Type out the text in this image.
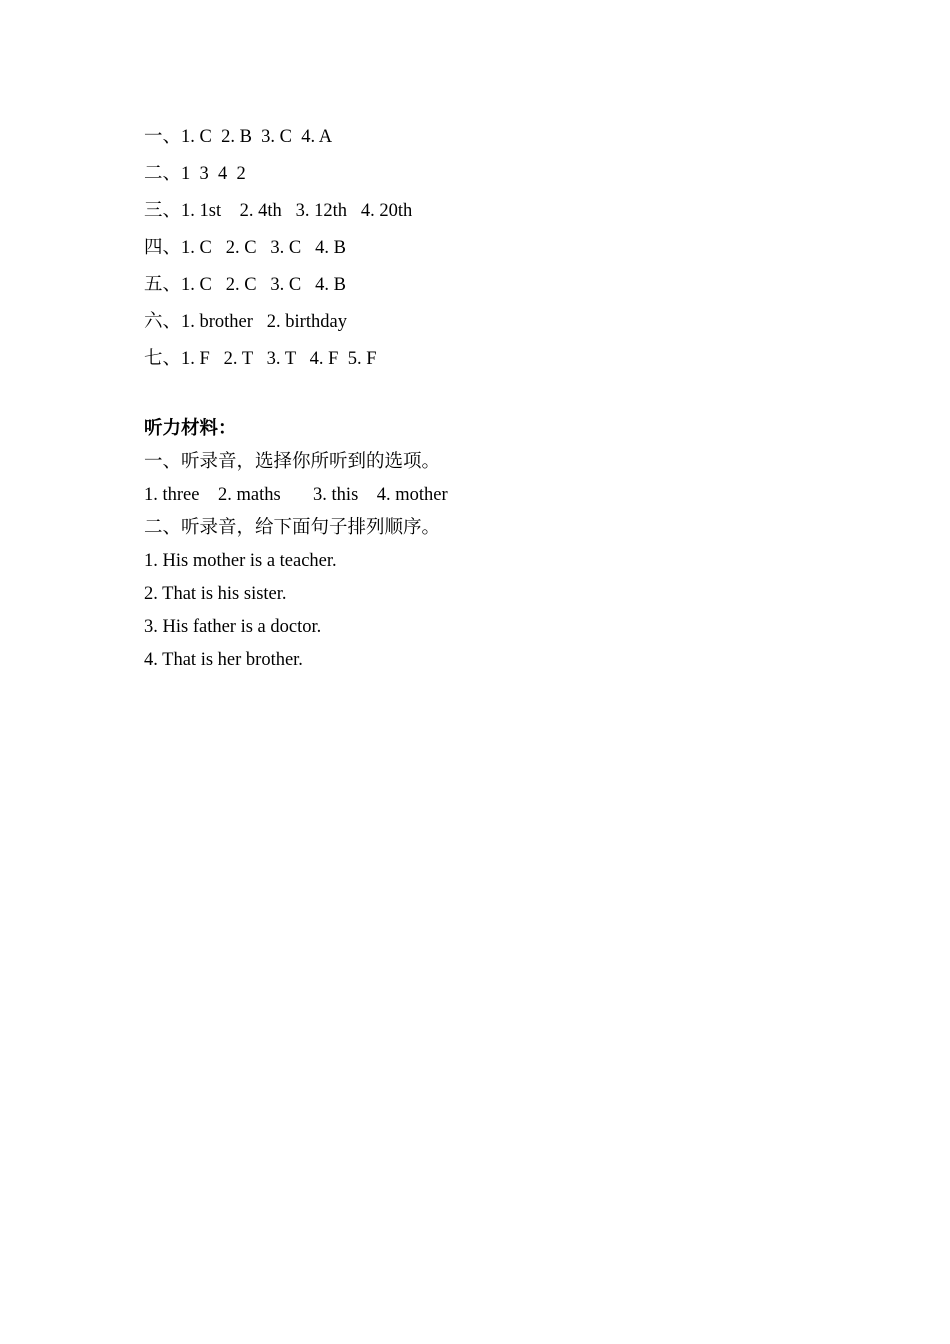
一、1. C  2. B  3. C  4. A
二、1  3  4  2
三、1. 1st    2. 4th   3. 12th   4. 20th
四、1. C   2. C   3. C   4. B
五、1. C   2. C   3. C   4. B
六、1. brother   2. birthday
七、1. F   2. T   3. T   4. F  5. F
听力材料：
一、听录音，选择你所听到的选项。
1. three    2. maths       3. this    4. mother
二、听录音，给下面句子排列顺序。
1. His mother is a teacher.
2. That is his sister.
3. His father is a doctor.
4. That is her brother.
